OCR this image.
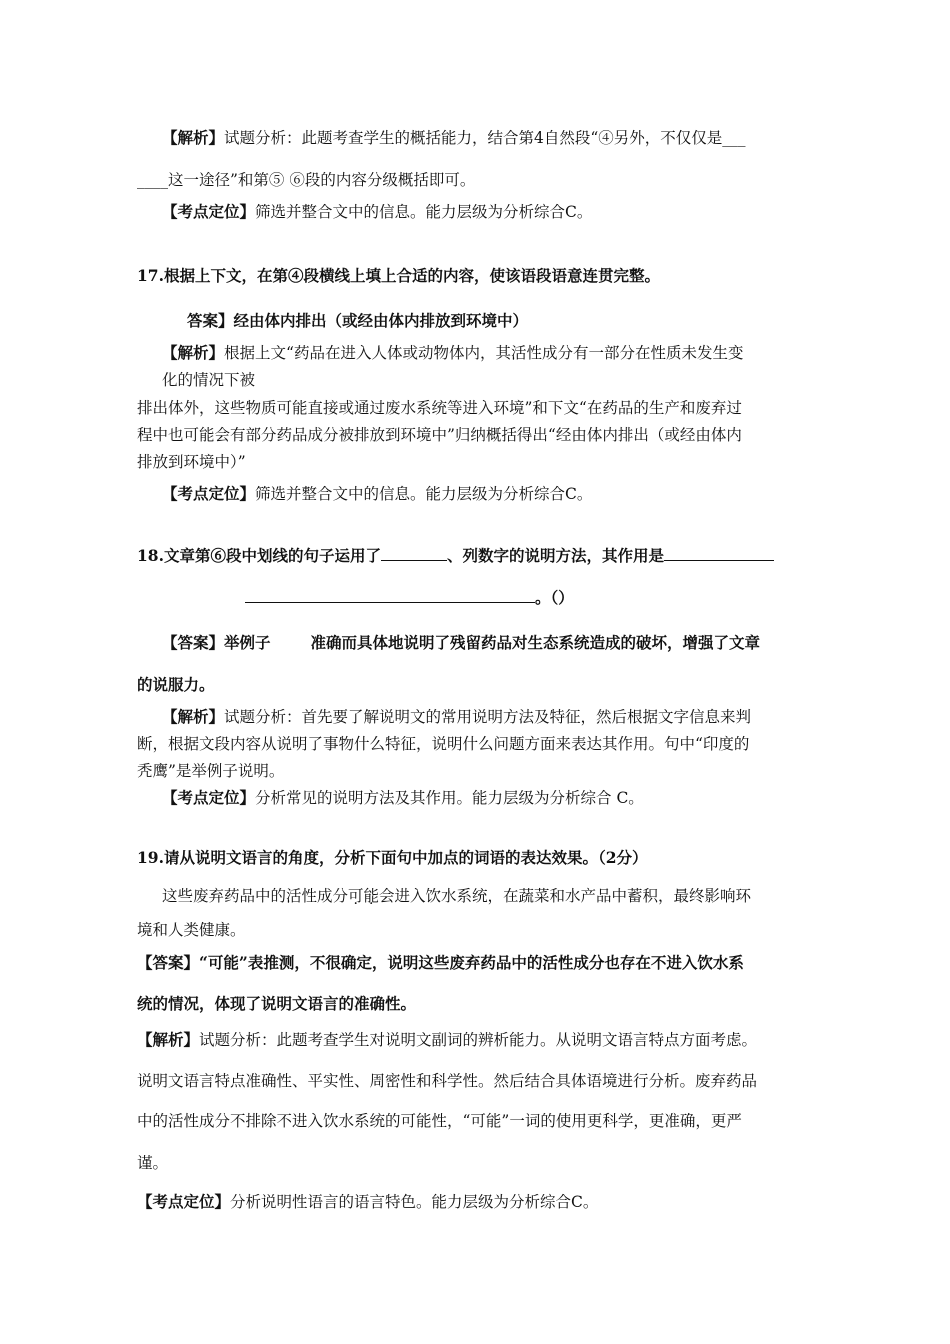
【解析】试题分析：此题考查学生的概括能力，结合第4自然段“④另外，不仅仅是___
____这一途径”和第⑤ ⑥段的内容分级概括即可。
【考点定位】筛选并整合文中的信息。能力层级为分析综合C。
17.根据上下文，在第④段横线上填上合适的内容，使该语段语意连贯完整。
答案】经由体内排出（或经由体内排放到环境中）
【解析】根据上文“药品在进入人体或动物体内，其活性成分有一部分在性质未发生变
化的情况下被
排出体外，这些物质可能直接或通过废水系统等进入环境”和下文“在药品的生产和废弃过
程中也可能会有部分药品成分被排放到环境中”归纳概括得出“经由体内排出（或经由体内
排放到环境中）”
【考点定位】筛选并整合文中的信息。能力层级为分析综合C。
18.文章第⑥段中划线的句子运用了	、列数字的说明方法，其作用是
。（）
【答案】举例子	准确而具体地说明了残留药品对生态系统造成的破坏，增强了文章
的说服力。
【解析】试题分析：首先要了解说明文的常用说明方法及特征，然后根据文字信息来判
断，根据文段内容从说明了事物什么特征，说明什么问题方面来表达其作用。句中“印度的
秃鹰”是举例子说明。
【考点定位】分析常见的说明方法及其作用。能力层级为分析综合 C。
19.请从说明文语言的角度，分析下面句中加点的词语的表达效果。（2分）
这些废弃药品中的活性成分可能会进入饮水系统，在蔬菜和水产品中蓄积，最终影响环
境和人类健康。
【答案】“可能”表推测，不很确定，说明这些废弃药品中的活性成分也存在不进入饮水系
统的情况，体现了说明文语言的准确性。
【解析】试题分析：此题考查学生对说明文副词的辨析能力。从说明文语言特点方面考虑。
说明文语言特点准确性、平实性、周密性和科学性。然后结合具体语境进行分析。废弃药品
中的活性成分不排除不进入饮水系统的可能性，“可能”一词的使用更科学，更准确，更严
谨。
【考点定位】分析说明性语言的语言特色。能力层级为分析综合C。
